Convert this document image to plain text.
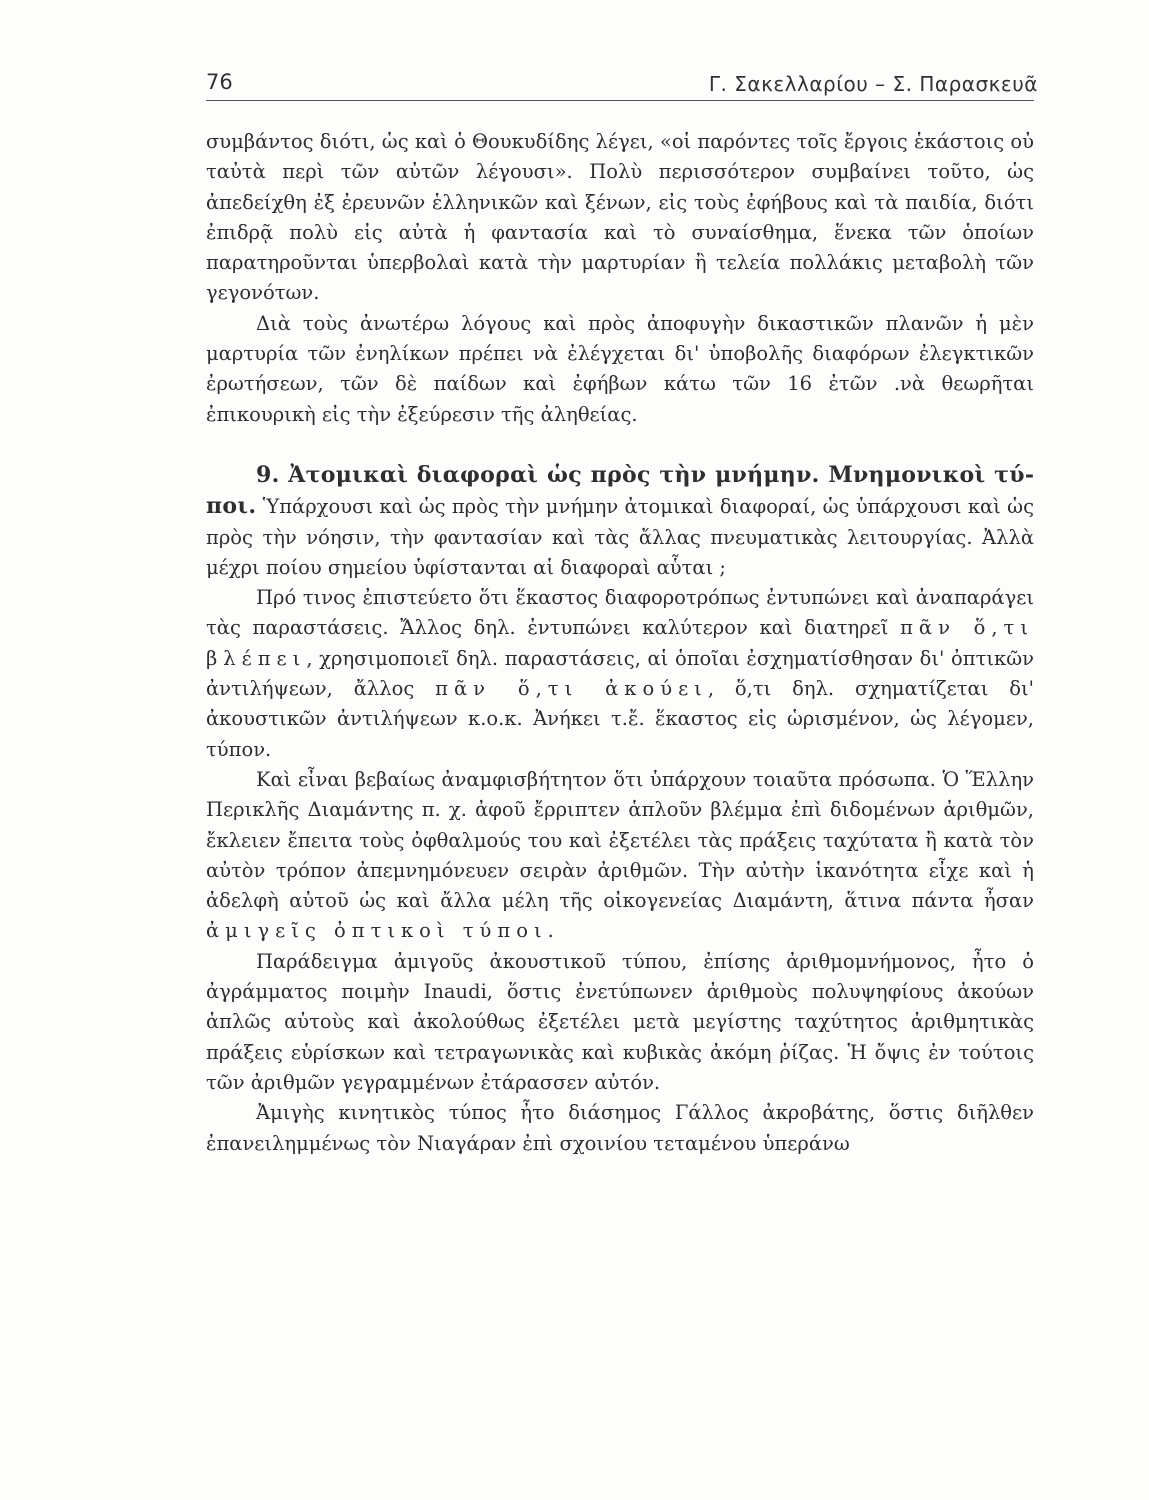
76	Γ. Σακελλαρίου – Σ. Παρασκευᾶ

συμβάντος διότι, ὡς καὶ ὁ Θουκυδίδης λέγει, «οἱ παρόντες τοῖς ἔργοις ἑκάστοις οὐ ταὐτὰ περὶ τῶν αὐτῶν λέγουσι». Πολὺ περισσότερον συμβαίνει τοῦτο, ὡς ἀπεδείχθη ἐξ ἐρευνῶν ἑλληνικῶν καὶ ξένων, εἰς τοὺς ἐφήβους καὶ τὰ παιδία, διότι ἐπιδρᾷ πολὺ εἰς αὐτὰ ἡ φαντασία καὶ τὸ συναίσθημα, ἕνεκα τῶν ὁποίων παρατηροῦνται ὑπερβολαὶ κατὰ τὴν μαρτυρίαν ἢ τελεία πολλάκις μεταβολὴ τῶν γεγονότων.

Διὰ τοὺς ἀνωτέρω λόγους καὶ πρὸς ἀποφυγὴν δικαστικῶν πλανῶν ἡ μὲν μαρτυρία τῶν ἐνηλίκων πρέπει νὰ ἐλέγχεται δι' ὑποβολῆς διαφόρων ἐλεγκτικῶν ἐρωτήσεων, τῶν δὲ παίδων καὶ ἐφήβων κάτω τῶν 16 ἐτῶν .νὰ θεωρῆται ἐπικουρικὴ εἰς τὴν ἐξεύρεσιν τῆς ἀληθείας.

9. Ἀτομικαὶ διαφοραὶ ὡς πρὸς τὴν μνήμην. Μνημονικοὶ τύποι. Ὑπάρχουσι καὶ ὡς πρὸς τὴν μνήμην ἀτομικαὶ διαφοραί, ὡς ὑπάρχουσι καὶ ὡς πρὸς τὴν νόησιν, τὴν φαντασίαν καὶ τὰς ἄλλας πνευματικὰς λειτουργίας. Ἀλλὰ μέχρι ποίου σημείου ὑφίστανται αἱ διαφοραὶ αὗται ;

Πρό τινος ἐπιστεύετο ὅτι ἕκαστος διαφοροτρόπως ἐντυπώνει καὶ ἀναπαράγει τὰς παραστάσεις. Ἄλλος δηλ. ἐντυπώνει καλύτερον καὶ διατηρεῖ πᾶν ὅ,τι βλέπει, χρησιμοποιεῖ δηλ. παραστάσεις, αἱ ὁποῖαι ἐσχηματίσθησαν δι' ὀπτικῶν ἀντιλήψεων, ἄλλος πᾶν ὅ,τι ἀκούει, ὅ,τι δηλ. σχηματίζεται δι' ἀκουστικῶν ἀντιλήψεων κ.ο.κ. Ἀνήκει τ.ἔ. ἕκαστος εἰς ὡρισμένον, ὡς λέγομεν, τύπον.

Καὶ εἶναι βεβαίως ἀναμφισβήτητον ὅτι ὑπάρχουν τοιαῦτα πρόσωπα. Ὁ Ἕλλην Περικλῆς Διαμάντης π. χ. ἀφοῦ ἔρριπτεν ἁπλοῦν βλέμμα ἐπὶ διδομένων ἀριθμῶν, ἔκλειεν ἔπειτα τοὺς ὀφθαλμούς του καὶ ἐξετέλει τὰς πράξεις ταχύτατα ἢ κατὰ τὸν αὐτὸν τρόπον ἀπεμνημόνευεν σειρὰν ἀριθμῶν. Τὴν αὐτὴν ἱκανότητα εἶχε καὶ ἡ ἀδελφὴ αὐτοῦ ὡς καὶ ἄλλα μέλη τῆς οἰκογενείας Διαμάντη, ἅτινα πάντα ἦσαν ἀμιγεῖς ὀπτικοὶ τύποι.

Παράδειγμα ἀμιγοῦς ἀκουστικοῦ τύπου, ἐπίσης ἀριθμομνήμονος, ἦτο ὁ ἀγράμματος ποιμὴν Inaudi, ὅστις ἐνετύπωνεν ἀριθμοὺς πολυψηφίους ἀκούων ἁπλῶς αὐτοὺς καὶ ἀκολούθως ἐξετέλει μετὰ μεγίστης ταχύτητος ἀριθμητικὰς πράξεις εὑρίσκων καὶ τετραγωνικὰς καὶ κυβικὰς ἀκόμη ῥίζας. Ἡ ὄψις ἐν τούτοις τῶν ἀριθμῶν γεγραμμένων ἐτάρασσεν αὐτόν.

Ἀμιγὴς κινητικὸς τύπος ἦτο διάσημος Γάλλος ἀκροβάτης, ὅστις διῆλθεν ἐπανειλημμένως τὸν Νιαγάραν ἐπὶ σχοινίου τεταμένου ὑπεράνω
